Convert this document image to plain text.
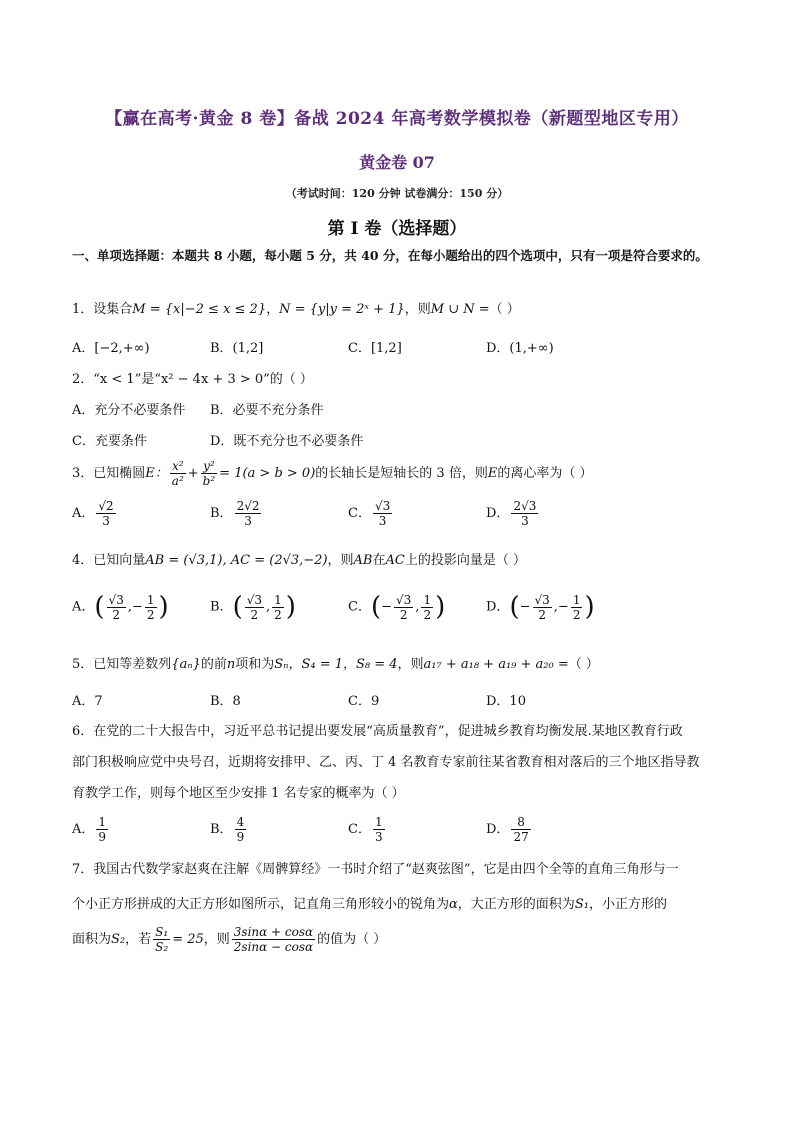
【赢在高考·黄金 8 卷】备战 2024 年高考数学模拟卷（新题型地区专用）
黄金卷 07
（考试时间：120 分钟 试卷满分：150 分）
第 I 卷（选择题）
一、单项选择题：本题共 8 小题，每小题 5 分，共 40 分，在每小题给出的四个选项中，只有一项是符合要求的。
1．设集合M = {x|−2 ≤ x ≤ 2}，N = {y|y = 2ˣ + 1}，则M ∪ N =（ ）
A．[−2,+∞)	B．(1,2]	C．[1,2]	D．(1,+∞)
2．“x < 1”是“x² − 4x + 3 > 0”的（ ）
A．充分不必要条件 B．必要不充分条件
C．充要条件	D．既不充分也不必要条件
3．已知椭圆E： $\frac{\text{x²}}{\text{a²}} + \frac{\text{y²}}{\text{b²}} = 1(a > b > 0)$的长轴长是短轴长的 3 倍，则E的离心率为（ ）
A． $\frac{√2}{3}$	B． $\frac{2√2}{3}$	C． $\frac{√3}{3}$	D． $\frac{2√3}{3}$
4．已知向量AB = (√3,1), AC = (2√3,−2)，则AB在AC上的投影向量是（ ）
A．( $\frac{√3}{2}$ ,− $\frac{1}{2}$ )	B．( $\frac{√3}{2}$ , $\frac{1}{2}$ )	C．(− $\frac{√3}{2}$ , $\frac{1}{2}$ )	D．(− $\frac{√3}{2}$ ,− $\frac{1}{2}$ )
5．已知等差数列{aₙ}的前n项和为Sₙ，S₄ = 1，S₈ = 4，则a₁₇ + a₁₈ + a₁₉ + a₂₀ =（ ）
A．7	B．8	C．9	D．10
6．在党的二十大报告中，习近平总书记提出要发展“高质量教育”，促进城乡教育均衡发展.某地区教育行政
部门积极响应党中央号召，近期将安排甲、乙、丙、丁 4 名教育专家前往某省教育相对落后的三个地区指导教
育教学工作，则每个地区至少安排 1 名专家的概率为（ ）
A． $\frac{1}{9}$	B． $\frac{4}{9}$	C． $\frac{1}{3}$	D． $\frac{8}{27}$
7．我国古代数学家赵爽在注解《周髀算经》一书时介绍了“赵爽弦图”，它是由四个全等的直角三角形与一
个小正方形拼成的大正方形如图所示，记直角三角形较小的锐角为α，大正方形的面积为S₁，小正方形的
面积为S₂，若 $\frac{\text{S₁}}{\text{S₂}} = 25$，则 $\frac{3\sin\alpha + \cos\alpha}{2\sin\alpha - \cos\alpha}$ 的值为（ ）
